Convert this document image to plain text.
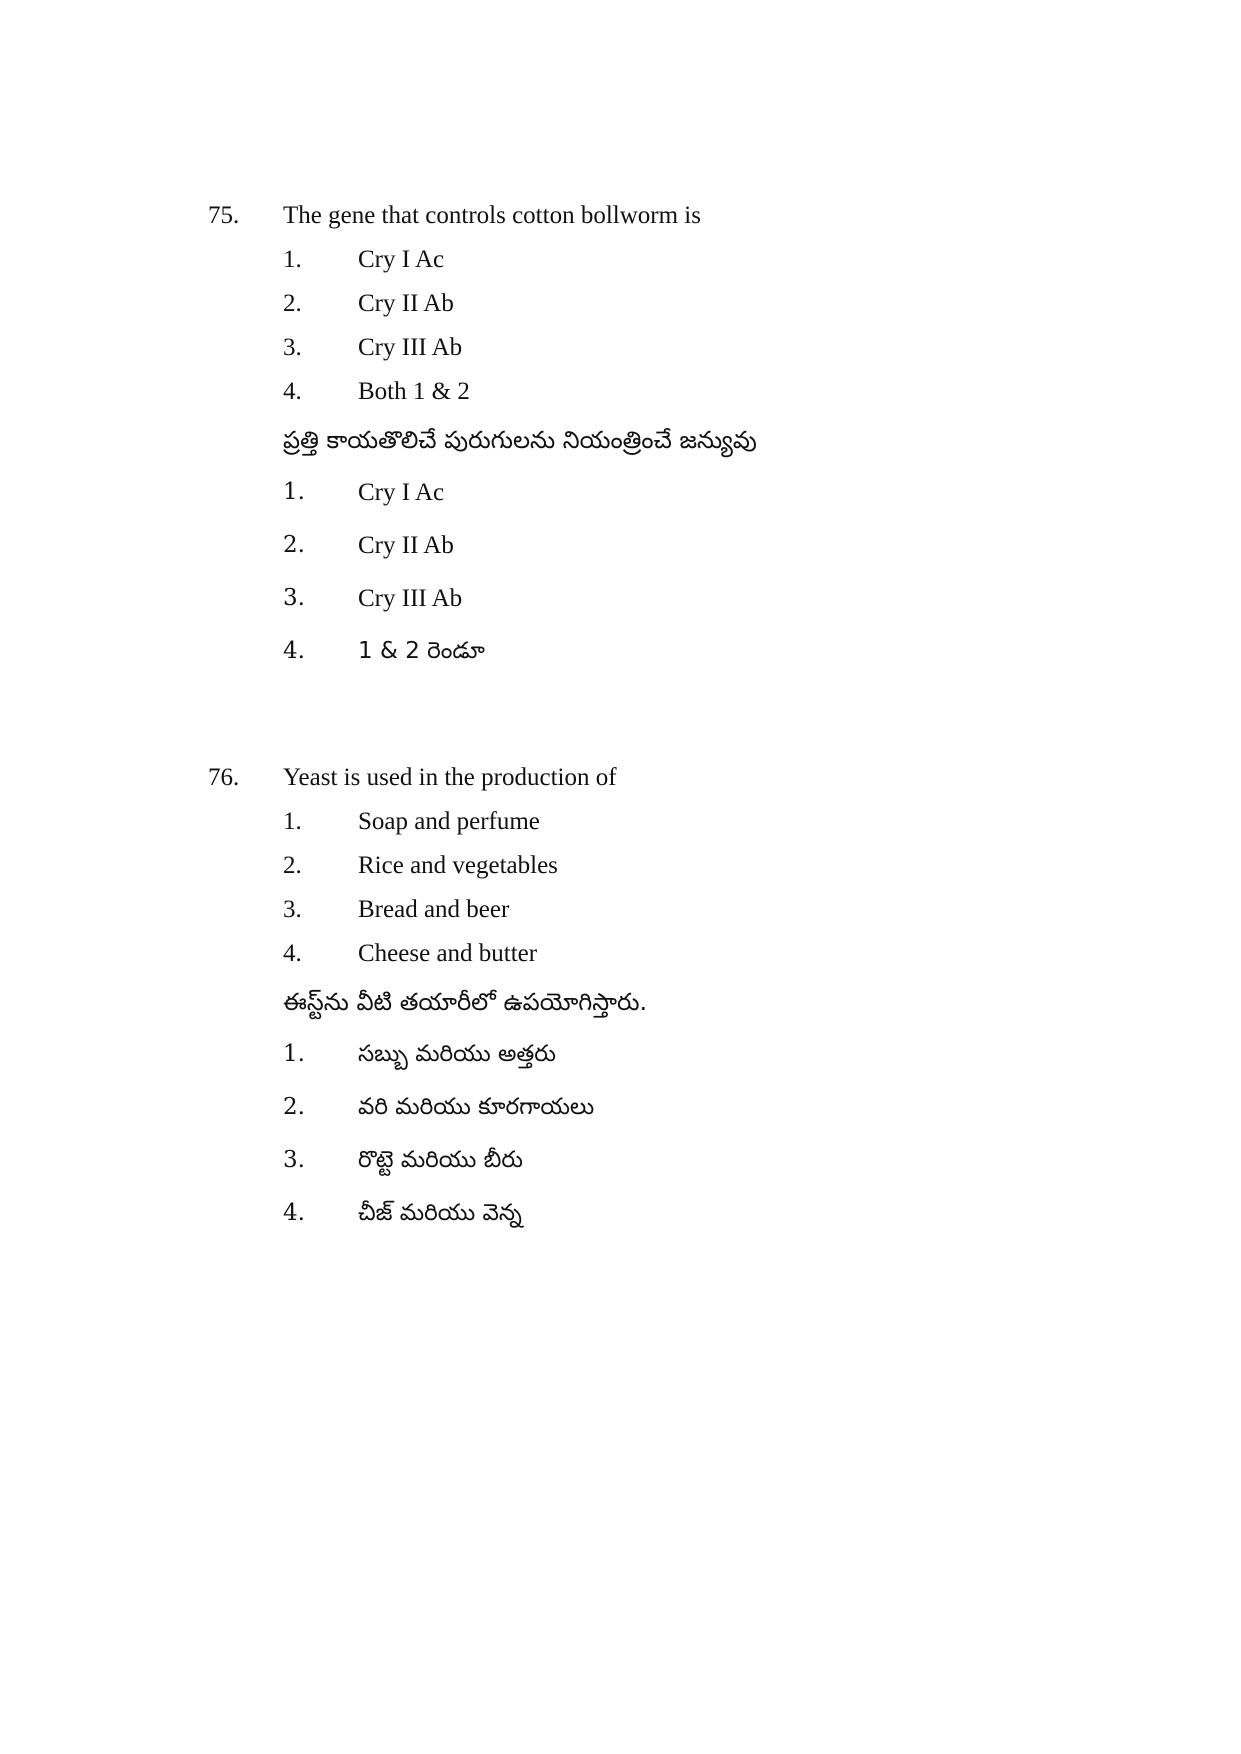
75. The gene that controls cotton bollworm is
1. Cry I Ac
2. Cry II Ab
3. Cry III Ab
4. Both 1 & 2
ప్రత్తి కాయతొలిచే పురుగులను నియంత్రించే జన్యువు
1. Cry I Ac
2. Cry II Ab
3. Cry III Ab
4. 1 & 2 రెండూ
76. Yeast is used in the production of
1. Soap and perfume
2. Rice and vegetables
3. Bread and beer
4. Cheese and butter
ఈస్ట్‌ను వీటి తయారీలో ఉపయోగిస్తారు.
1. సబ్బు మరియు అత్తరు
2. వరి మరియు కూరగాయలు
3. రొట్టె మరియు బీరు
4. చీజ్ మరియు వెన్న
